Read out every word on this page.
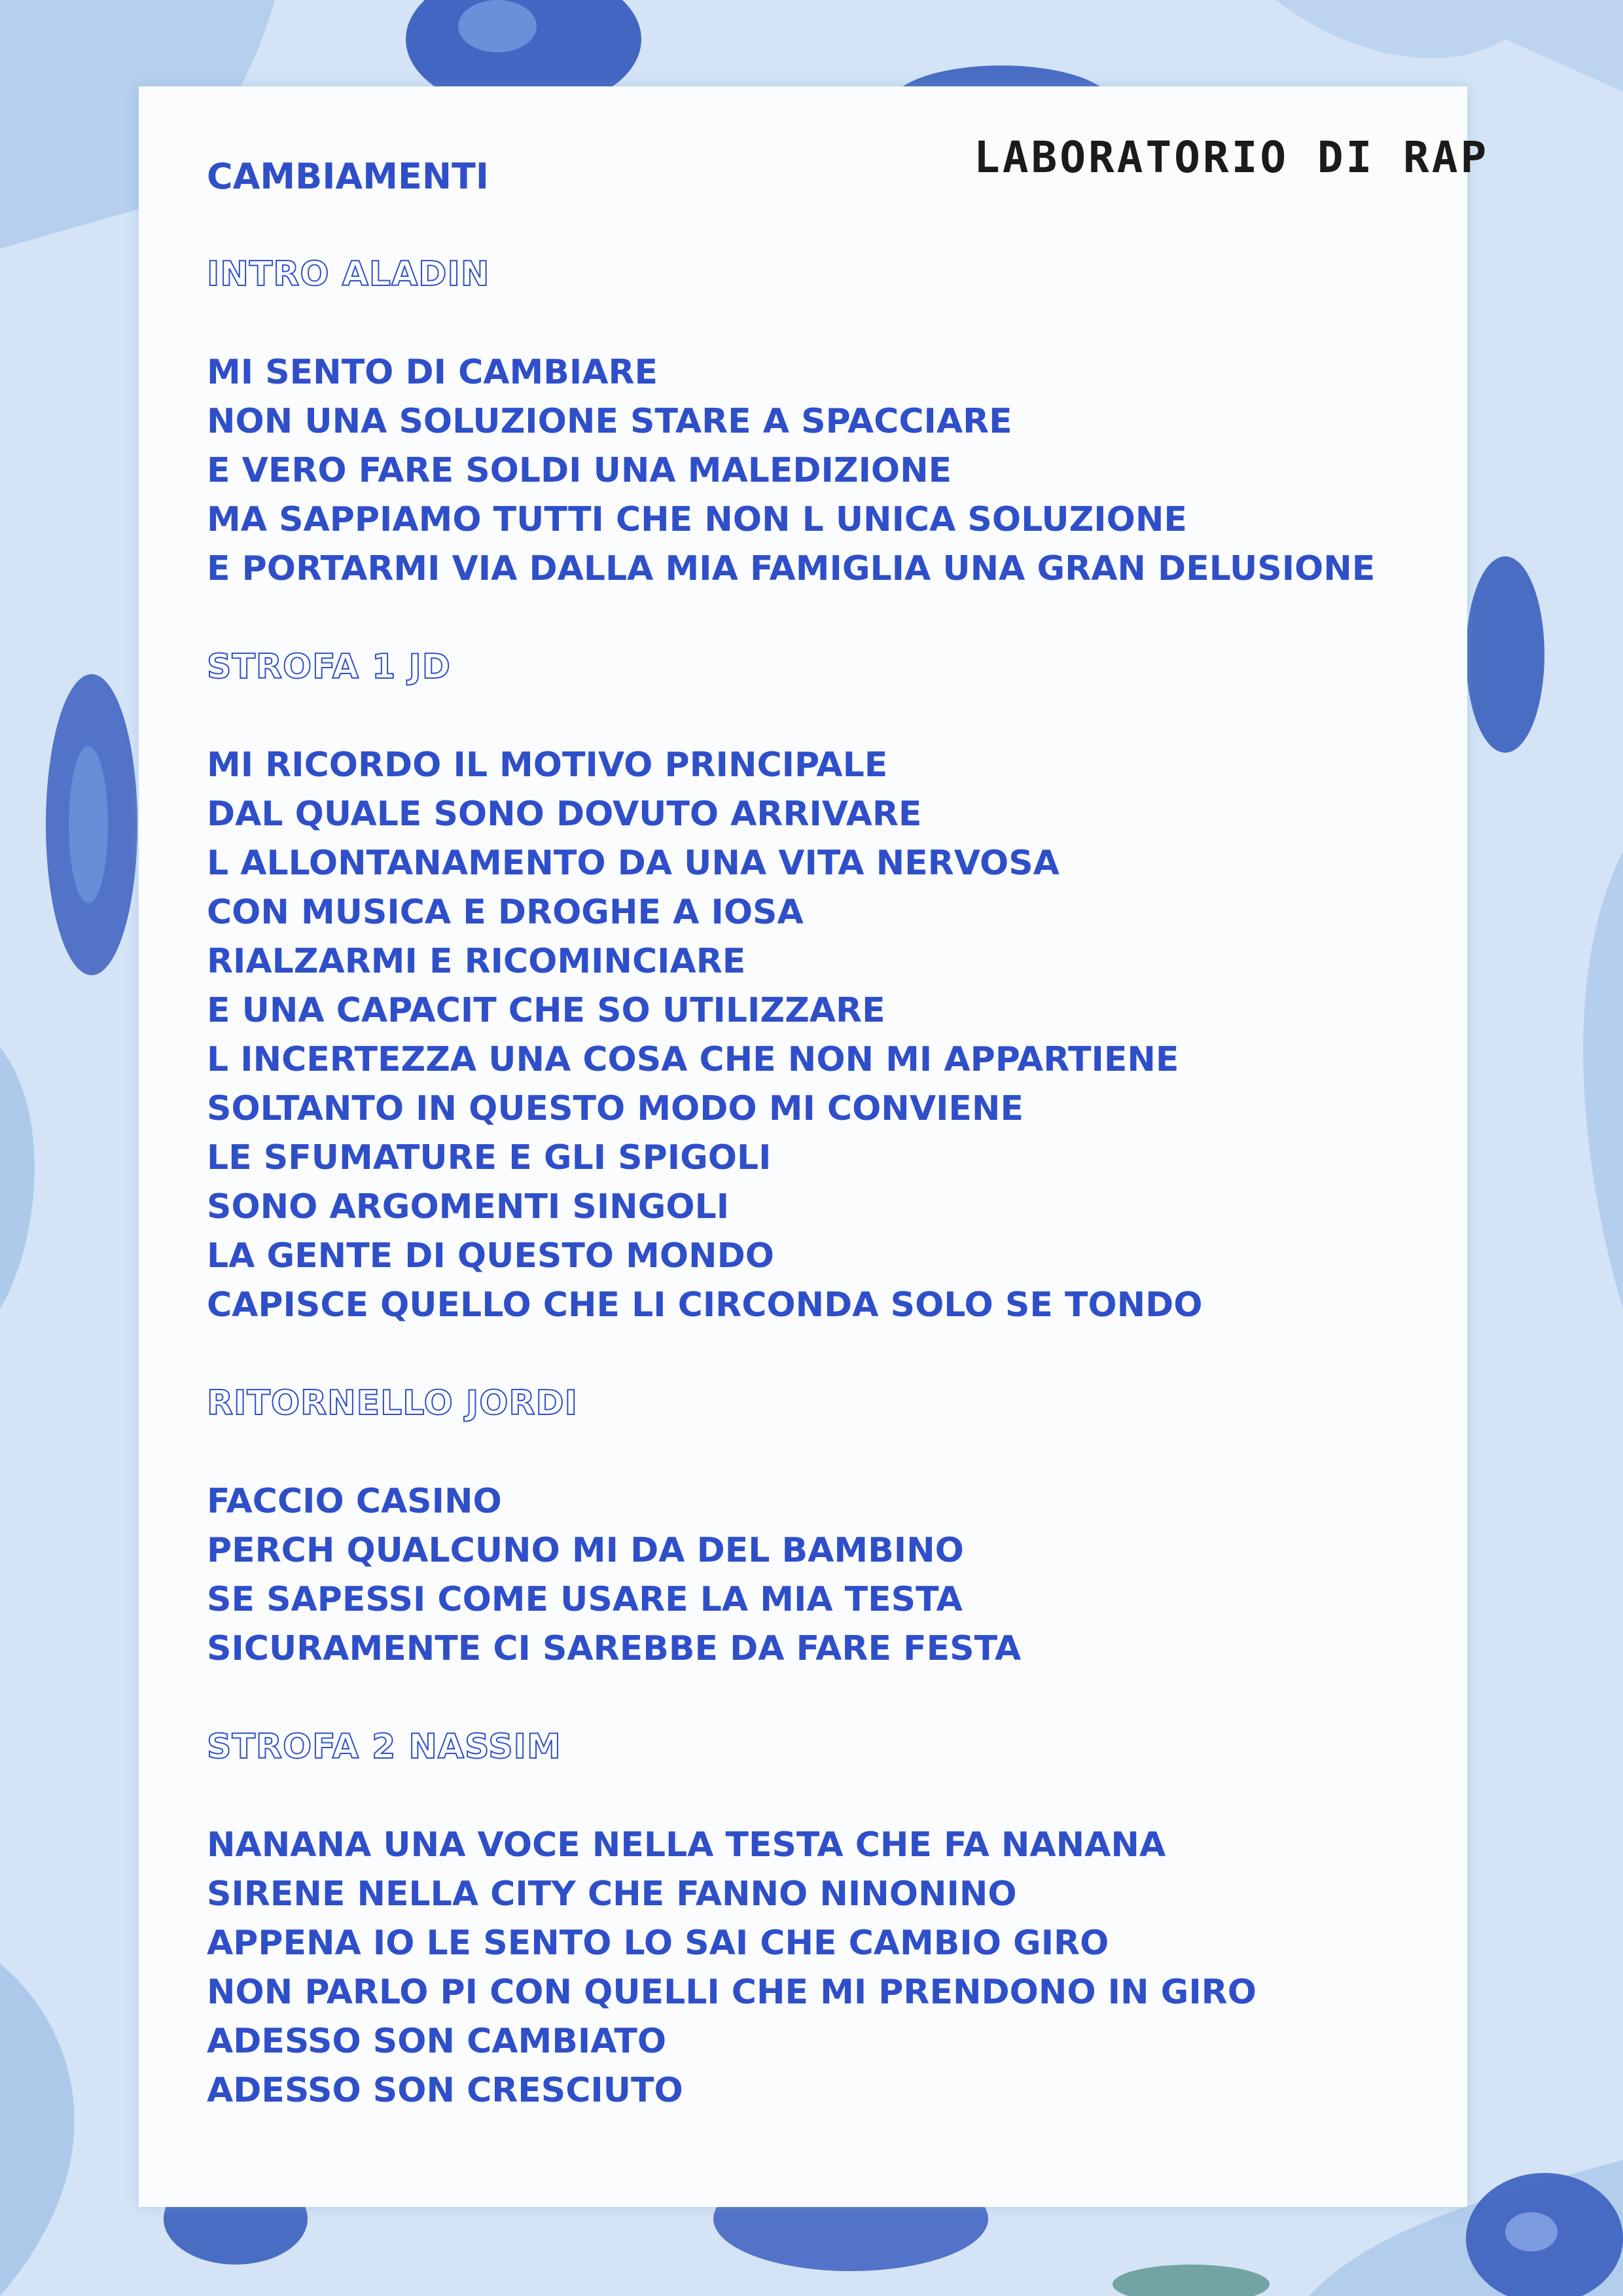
LABORATORIO DI RAP
CAMBIAMENTI
INTRO ALADIN
MI SENTO DI CAMBIARE
NON UNA SOLUZIONE STARE A SPACCIARE
E VERO FARE SOLDI UNA MALEDIZIONE
MA SAPPIAMO TUTTI CHE NON L UNICA SOLUZIONE
E PORTARMI VIA DALLA MIA FAMIGLIA UNA GRAN DELUSIONE
STROFA 1 JD
MI RICORDO IL MOTIVO PRINCIPALE
DAL QUALE SONO DOVUTO ARRIVARE
L ALLONTANAMENTO DA UNA VITA NERVOSA
CON MUSICA E DROGHE A IOSA
RIALZARMI E RICOMINCIARE
E UNA CAPACIT CHE SO UTILIZZARE
L INCERTEZZA UNA COSA CHE NON MI APPARTIENE
SOLTANTO IN QUESTO MODO MI CONVIENE
LE SFUMATURE E GLI SPIGOLI
SONO ARGOMENTI SINGOLI
LA GENTE DI QUESTO MONDO
CAPISCE QUELLO CHE LI CIRCONDA SOLO SE TONDO
RITORNELLO JORDI
FACCIO CASINO
PERCH QUALCUNO MI DA DEL BAMBINO
SE SAPESSI COME USARE LA MIA TESTA
SICURAMENTE CI SAREBBE DA FARE FESTA
STROFA 2 NASSIM
NANANA UNA VOCE NELLA TESTA CHE FA NANANA
SIRENE NELLA CITY CHE FANNO NINONINO
APPENA IO LE SENTO LO SAI CHE CAMBIO GIRO
NON PARLO PI CON QUELLI CHE MI PRENDONO IN GIRO
ADESSO SON CAMBIATO
ADESSO SON CRESCIUTO
